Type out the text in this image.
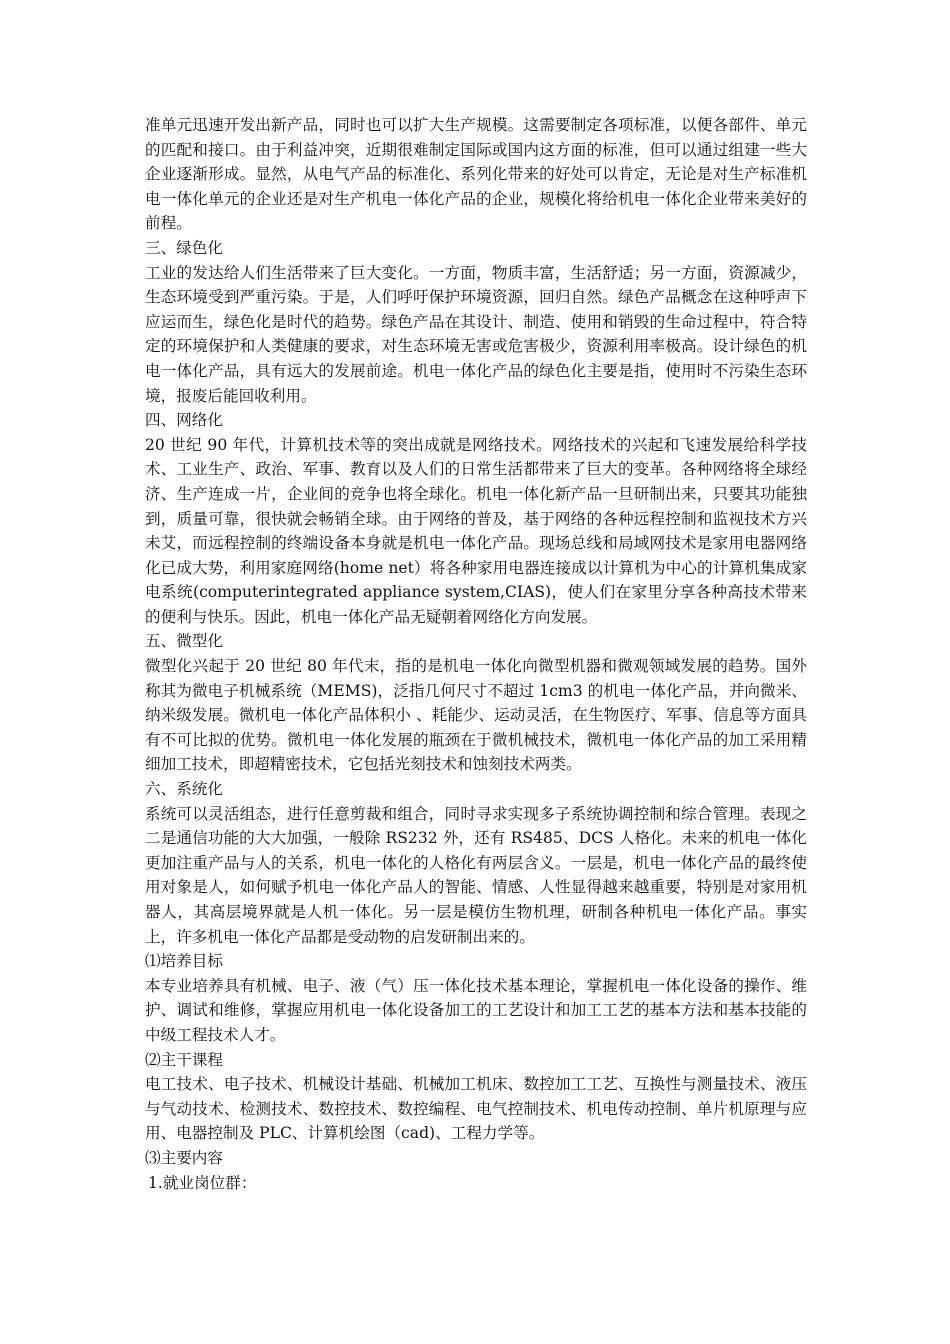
准单元迅速开发出新产品，同时也可以扩大生产规模。这需要制定各项标准，以便各部件、单元的匹配和接口。由于利益冲突，近期很难制定国际或国内这方面的标准，但可以通过组建一些大企业逐渐形成。显然，从电气产品的标准化、系列化带来的好处可以肯定，无论是对生产标准机电一体化单元的企业还是对生产机电一体化产品的企业，规模化将给机电一体化企业带来美好的前程。

三、绿色化

工业的发达给人们生活带来了巨大变化。一方面，物质丰富，生活舒适；另一方面，资源减少，生态环境受到严重污染。于是，人们呼吁保护环境资源，回归自然。绿色产品概念在这种呼声下应运而生，绿色化是时代的趋势。绿色产品在其设计、制造、使用和销毁的生命过程中，符合特定的环境保护和人类健康的要求，对生态环境无害或危害极少，资源利用率极高。设计绿色的机电一体化产品，具有远大的发展前途。机电一体化产品的绿色化主要是指，使用时不污染生态环境，报废后能回收利用。

四、网络化

20 世纪 90 年代，计算机技术等的突出成就是网络技术。网络技术的兴起和飞速发展给科学技术、工业生产、政治、军事、教育以及人们的日常生活都带来了巨大的变革。各种网络将全球经济、生产连成一片，企业间的竞争也将全球化。机电一体化新产品一旦研制出来，只要其功能独到，质量可靠，很快就会畅销全球。由于网络的普及，基于网络的各种远程控制和监视技术方兴未艾，而远程控制的终端设备本身就是机电一体化产品。现场总线和局域网技术是家用电器网络化已成大势，利用家庭网络(home net）将各种家用电器连接成以计算机为中心的计算机集成家电系统(computerintegrated appliance system,CIAS)，使人们在家里分享各种高技术带来的便利与快乐。因此，机电一体化产品无疑朝着网络化方向发展。

五、微型化

微型化兴起于 20 世纪 80 年代末，指的是机电一体化向微型机器和微观领域发展的趋势。国外称其为微电子机械系统（MEMS)，泛指几何尺寸不超过 1cm3 的机电一体化产品，并向微米、纳米级发展。微机电一体化产品体积小 、耗能少、运动灵活，在生物医疗、军事、信息等方面具有不可比拟的优势。微机电一体化发展的瓶颈在于微机械技术，微机电一体化产品的加工采用精细加工技术，即超精密技术，它包括光刻技术和蚀刻技术两类。

六、系统化

系统可以灵活组态，进行任意剪裁和组合，同时寻求实现多子系统协调控制和综合管理。表现之二是通信功能的大大加强，一般除 RS232 外，还有 RS485、DCS 人格化。未来的机电一体化更加注重产品与人的关系，机电一体化的人格化有两层含义。一层是，机电一体化产品的最终使用对象是人，如何赋予机电一体化产品人的智能、情感、人性显得越来越重要，特别是对家用机器人，其高层境界就是人机一体化。另一层是模仿生物机理，研制各种机电一体化产品。事实上，许多机电一体化产品都是受动物的启发研制出来的。

⑴培养目标

本专业培养具有机械、电子、液（气）压一体化技术基本理论，掌握机电一体化设备的操作、维护、调试和维修，掌握应用机电一体化设备加工的工艺设计和加工工艺的基本方法和基本技能的中级工程技术人才。

⑵主干课程

电工技术、电子技术、机械设计基础、机械加工机床、数控加工工艺、互换性与测量技术、液压与气动技术、检测技术、数控技术、数控编程、电气控制技术、机电传动控制、单片机原理与应用、电器控制及 PLC、计算机绘图（cad)、工程力学等。

⑶主要内容

1.就业岗位群：
